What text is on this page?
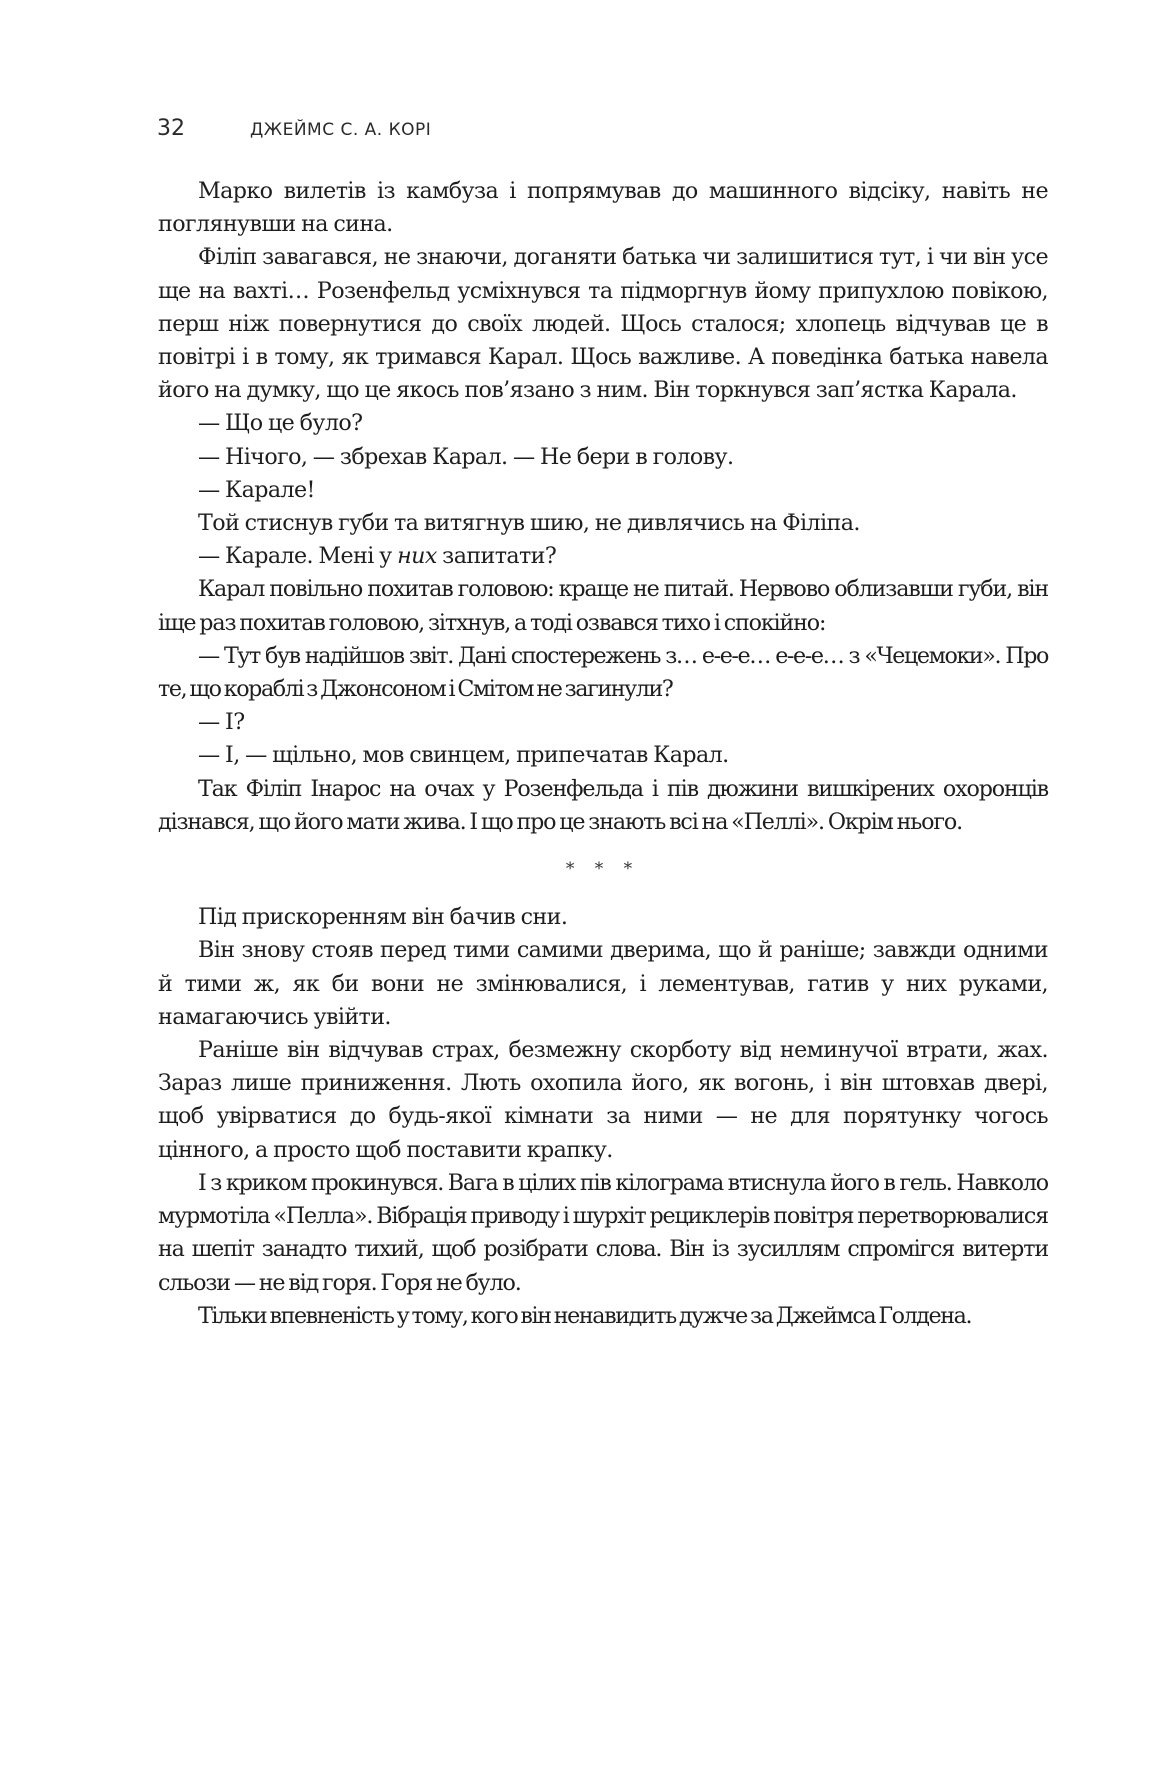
32	ДЖЕЙМС С. А. КОРІ

Марко вилетів із камбуза і попрямував до машинного відсіку, навіть не поглянувши на сина.

Філіп завагався, не знаючи, доганяти батька чи залишитися тут, і чи він усе ще на вахті… Розенфельд усміхнувся та підморгнув йому припухлою повікою, перш ніж повернутися до своїх людей. Щось сталося; хлопець відчував це в повітрі і в тому, як тримався Карал. Щось важливе. А поведінка батька навела його на думку, що це якось пов’язано з ним. Він торкнувся зап’ястка Карала.

— Що це було?

— Нічого, — збрехав Карал. — Не бери в голову.

— Карале!

Той стиснув губи та витягнув шию, не дивлячись на Філіпа.

— Карале. Мені у них запитати?

Карал повільно похитав головою: краще не питай. Нервово облизавши губи, він іще раз похитав головою, зітхнув, а тоді озвався тихо і спокійно:

— Тут був надійшов звіт. Дані спостережень з… е-е-е… е-е-е… з «Чецемоки». Про те, що кораблі з Джонсоном і Смітом не загинули?

— І?

— І, — щільно, мов свинцем, припечатав Карал.

Так Філіп Інарос на очах у Розенфельда і пів дюжини вишкірених охоронців дізнався, що його мати жива. І що про це знають всі на «Пеллі». Окрім нього.

* * *

Під прискоренням він бачив сни.

Він знову стояв перед тими самими дверима, що й раніше; завжди одними й тими ж, як би вони не змінювалися, і лементував, гатив у них руками, намагаючись увійти.

Раніше він відчував страх, безмежну скорботу від неминучої втрати, жах. Зараз лише приниження. Лють охопила його, як вогонь, і він штовхав двері, щоб увірватися до будь-якої кімнати за ними — не для порятунку чогось цінного, а просто щоб поставити крапку.

І з криком прокинувся. Вага в цілих пів кілограма втиснула його в гель. Навколо мурмотіла «Пелла». Вібрація приводу і шурхіт рециклерів повітря перетворювалися на шепіт занадто тихий, щоб розібрати слова. Він із зусиллям спромігся витерти сльози — не від горя. Горя не було.

Тільки впевненість у тому, кого він ненавидить дужче за Джеймса Голдена.
